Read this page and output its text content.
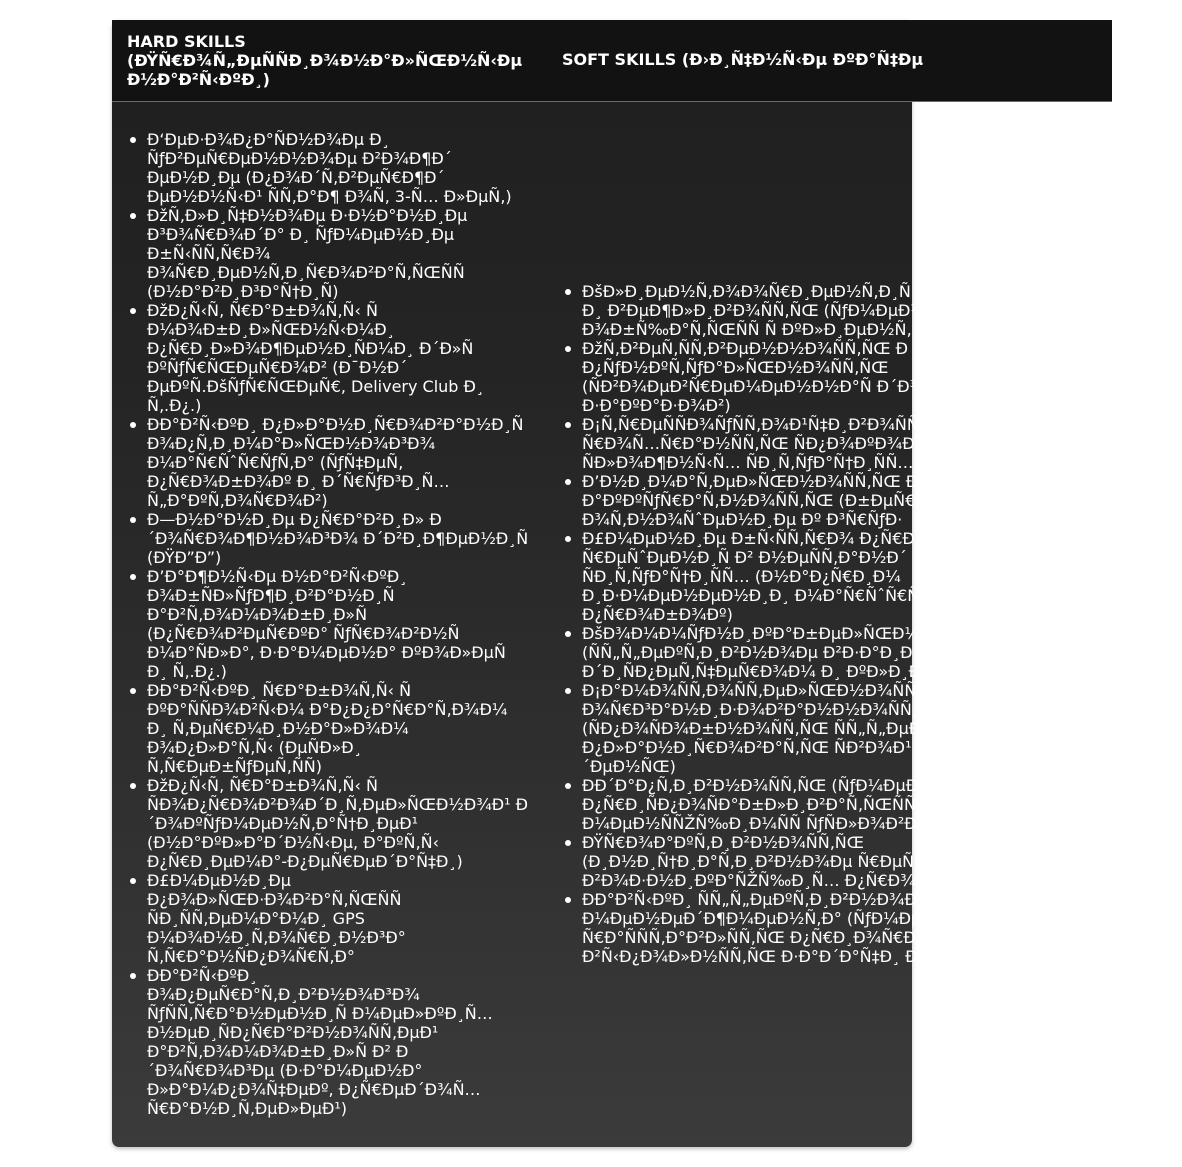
HARD SKILLS
(ÐŸÑ€Ð¾Ñ„ÐµÑÑÐ¸Ð¾Ð½Ð°Ð»ÑŒÐ½Ñ‹Ðµ
Ð½Ð°Ð²Ñ‹ÐºÐ¸)
SOFT SKILLS (Ð›Ð¸Ñ‡Ð½Ñ‹Ðµ ÐºÐ°Ñ‡Ðµ
Ð‘ÐµÐ·Ð¾Ð¿Ð°ÑÐ½Ð¾Ðµ Ð¸
ÑƒÐ²ÐµÑ€ÐµÐ½Ð½Ð¾Ðµ Ð²Ð¾Ð¶Ð´
ÐµÐ½Ð¸Ðµ (Ð¿Ð¾Ð´Ñ‚Ð²ÐµÑ€Ð¶Ð´
ÐµÐ½Ð½Ñ‹Ð¹ ÑÑ‚Ð°Ð¶ Ð¾Ñ‚ 3-Ñ… Ð»ÐµÑ‚)
ÐžÑ‚Ð»Ð¸Ñ‡Ð½Ð¾Ðµ Ð·Ð½Ð°Ð½Ð¸Ðµ
Ð³Ð¾Ñ€Ð¾Ð´Ð° Ð¸ ÑƒÐ¼ÐµÐ½Ð¸Ðµ
Ð±Ñ‹ÑÑ‚Ñ€Ð¾
Ð¾Ñ€Ð¸ÐµÐ½Ñ‚Ð¸Ñ€Ð¾Ð²Ð°Ñ‚ÑŒÑÑ
(Ð½Ð°Ð²Ð¸Ð³Ð°Ñ†Ð¸Ñ)
ÐžÐ¿Ñ‹Ñ‚ Ñ€Ð°Ð±Ð¾Ñ‚Ñ‹ Ñ
Ð¼Ð¾Ð±Ð¸Ð»ÑŒÐ½Ñ‹Ð¼Ð¸
Ð¿Ñ€Ð¸Ð»Ð¾Ð¶ÐµÐ½Ð¸ÑÐ¼Ð¸ Ð´Ð»Ñ
ÐºÑƒÑ€ÑŒÐµÑ€Ð¾Ð² (Ð¯Ð½Ð´
ÐµÐºÑ.ÐšÑƒÑ€ÑŒÐµÑ€, Delivery Club Ð¸
Ñ‚.Ð¿.)
ÐÐ°Ð²Ñ‹ÐºÐ¸ Ð¿Ð»Ð°Ð½Ð¸Ñ€Ð¾Ð²Ð°Ð½Ð¸Ñ
Ð¾Ð¿Ñ‚Ð¸Ð¼Ð°Ð»ÑŒÐ½Ð¾Ð³Ð¾
Ð¼Ð°Ñ€ÑˆÑ€ÑƒÑ‚Ð° (ÑƒÑ‡ÐµÑ‚
Ð¿Ñ€Ð¾Ð±Ð¾Ðº Ð¸ Ð´Ñ€ÑƒÐ³Ð¸Ñ…
Ñ„Ð°ÐºÑ‚Ð¾Ñ€Ð¾Ð²)
Ð—Ð½Ð°Ð½Ð¸Ðµ Ð¿Ñ€Ð°Ð²Ð¸Ð» Ð
´Ð¾Ñ€Ð¾Ð¶Ð½Ð¾Ð³Ð¾ Ð´Ð²Ð¸Ð¶ÐµÐ½Ð¸Ñ
(ÐŸÐ”Ð”)
Ð’Ð°Ð¶Ð½Ñ‹Ðµ Ð½Ð°Ð²Ñ‹ÐºÐ¸
Ð¾Ð±ÑÐ»ÑƒÐ¶Ð¸Ð²Ð°Ð½Ð¸Ñ
Ð°Ð²Ñ‚Ð¾Ð¼Ð¾Ð±Ð¸Ð»Ñ
(Ð¿Ñ€Ð¾Ð²ÐµÑ€ÐºÐ° ÑƒÑ€Ð¾Ð²Ð½Ñ
Ð¼Ð°ÑÐ»Ð°, Ð·Ð°Ð¼ÐµÐ½Ð° ÐºÐ¾Ð»ÐµÑ
Ð¸ Ñ‚.Ð¿.)
ÐÐ°Ð²Ñ‹ÐºÐ¸ Ñ€Ð°Ð±Ð¾Ñ‚Ñ‹ Ñ
ÐºÐ°ÑÑÐ¾Ð²Ñ‹Ð¼ Ð°Ð¿Ð¿Ð°Ñ€Ð°Ñ‚Ð¾Ð¼
Ð¸ Ñ‚ÐµÑ€Ð¼Ð¸Ð½Ð°Ð»Ð¾Ð¼
Ð¾Ð¿Ð»Ð°Ñ‚Ñ‹ (ÐµÑÐ»Ð¸
Ñ‚Ñ€ÐµÐ±ÑƒÐµÑ‚ÑÑ)
ÐžÐ¿Ñ‹Ñ‚ Ñ€Ð°Ð±Ð¾Ñ‚Ñ‹ Ñ
ÑÐ¾Ð¿Ñ€Ð¾Ð²Ð¾Ð´Ð¸Ñ‚ÐµÐ»ÑŒÐ½Ð¾Ð¹ Ð
´Ð¾ÐºÑƒÐ¼ÐµÐ½Ñ‚Ð°Ñ†Ð¸ÐµÐ¹
(Ð½Ð°ÐºÐ»Ð°Ð´Ð½Ñ‹Ðµ, Ð°ÐºÑ‚Ñ‹
Ð¿Ñ€Ð¸ÐµÐ¼Ð°-Ð¿ÐµÑ€ÐµÐ´Ð°Ñ‡Ð¸)
Ð£Ð¼ÐµÐ½Ð¸Ðµ
Ð¿Ð¾Ð»ÑŒÐ·Ð¾Ð²Ð°Ñ‚ÑŒÑÑ
ÑÐ¸ÑÑ‚ÐµÐ¼Ð°Ð¼Ð¸ GPS
Ð¼Ð¾Ð½Ð¸Ñ‚Ð¾Ñ€Ð¸Ð½Ð³Ð°
Ñ‚Ñ€Ð°Ð½ÑÐ¿Ð¾Ñ€Ñ‚Ð°
ÐÐ°Ð²Ñ‹ÐºÐ¸
Ð¾Ð¿ÐµÑ€Ð°Ñ‚Ð¸Ð²Ð½Ð¾Ð³Ð¾
ÑƒÑÑ‚Ñ€Ð°Ð½ÐµÐ½Ð¸Ñ Ð¼ÐµÐ»ÐºÐ¸Ñ…
Ð½ÐµÐ¸ÑÐ¿Ñ€Ð°Ð²Ð½Ð¾ÑÑ‚ÐµÐ¹
Ð°Ð²Ñ‚Ð¾Ð¼Ð¾Ð±Ð¸Ð»Ñ Ð² Ð
´Ð¾Ñ€Ð¾Ð³Ðµ (Ð·Ð°Ð¼ÐµÐ½Ð°
Ð»Ð°Ð¼Ð¿Ð¾Ñ‡ÐµÐº, Ð¿Ñ€ÐµÐ´Ð¾Ñ…
Ñ€Ð°Ð½Ð¸Ñ‚ÐµÐ»ÐµÐ¹)
ÐšÐ»Ð¸ÐµÐ½Ñ‚Ð¾Ð¾Ñ€Ð¸ÐµÐ½Ñ‚Ð¸Ñ
Ð¸ Ð²ÐµÐ¶Ð»Ð¸Ð²Ð¾ÑÑ‚ÑŒ (ÑƒÐ¼ÐµÐ½Ð¸
Ð¾Ð±Ñ‰Ð°Ñ‚ÑŒÑÑ Ñ ÐºÐ»Ð¸ÐµÐ½Ñ‚
ÐžÑ‚Ð²ÐµÑ‚ÑÑ‚Ð²ÐµÐ½Ð½Ð¾ÑÑ‚ÑŒ Ð
Ð¿ÑƒÐ½ÐºÑ‚ÑƒÐ°Ð»ÑŒÐ½Ð¾ÑÑ‚ÑŒ
(ÑÐ²Ð¾ÐµÐ²Ñ€ÐµÐ¼ÐµÐ½Ð½Ð°Ñ Ð´Ð¾
Ð·Ð°ÐºÐ°Ð·Ð¾Ð²)
Ð¡Ñ‚Ñ€ÐµÑÑÐ¾ÑƒÑÑ‚Ð¾Ð¹Ñ‡Ð¸Ð²Ð¾ÑÑ
Ñ€Ð¾Ñ…Ñ€Ð°Ð½ÑÑ‚ÑŒ ÑÐ¿Ð¾ÐºÐ¾Ð¹
ÑÐ»Ð¾Ð¶Ð½Ñ‹Ñ… ÑÐ¸Ñ‚ÑƒÐ°Ñ†Ð¸ÑÑ…
Ð’Ð½Ð¸Ð¼Ð°Ñ‚ÐµÐ»ÑŒÐ½Ð¾ÑÑ‚ÑŒ Ðº
Ð°ÐºÐºÑƒÑ€Ð°Ñ‚Ð½Ð¾ÑÑ‚ÑŒ (Ð±ÐµÑ€ÐµÐ¶
Ð¾Ñ‚Ð½Ð¾ÑˆÐµÐ½Ð¸Ðµ Ðº Ð³Ñ€ÑƒÐ·
Ð£Ð¼ÐµÐ½Ð¸Ðµ Ð±Ñ‹ÑÑ‚Ñ€Ð¾ Ð¿Ñ€Ð¸
Ñ€ÐµÑˆÐµÐ½Ð¸Ñ Ð² Ð½ÐµÑÑ‚Ð°Ð½Ð´
ÑÐ¸Ñ‚ÑƒÐ°Ñ†Ð¸ÑÑ… (Ð½Ð°Ð¿Ñ€Ð¸Ð¼
Ð¸Ð·Ð¼ÐµÐ½ÐµÐ½Ð¸Ð¸ Ð¼Ð°Ñ€ÑˆÑ€ÑƒÑ‚Ð°
Ð¿Ñ€Ð¾Ð±Ð¾Ðº)
ÐšÐ¾Ð¼Ð¼ÑƒÐ½Ð¸ÐºÐ°Ð±ÐµÐ»ÑŒÐ½Ð¾ÑÑ‚
(ÑÑ„Ñ„ÐµÐºÑ‚Ð¸Ð²Ð½Ð¾Ðµ Ð²Ð·Ð°Ð¸Ð¼
Ð´Ð¸ÑÐ¿ÐµÑ‚Ñ‡ÐµÑ€Ð¾Ð¼ Ð¸ ÐºÐ»Ð¸ÐµÐ½
Ð¡Ð°Ð¼Ð¾ÑÑ‚Ð¾ÑÑ‚ÐµÐ»ÑŒÐ½Ð¾ÑÑ‚ÑŒ
Ð¾Ñ€Ð³Ð°Ð½Ð¸Ð·Ð¾Ð²Ð°Ð½Ð½Ð¾ÑÑ‚ÑŒ
(ÑÐ¿Ð¾ÑÐ¾Ð±Ð½Ð¾ÑÑ‚ÑŒ ÑÑ„Ñ„ÐµÐºÑ‚
Ð¿Ð»Ð°Ð½Ð¸Ñ€Ð¾Ð²Ð°Ñ‚ÑŒ ÑÐ²Ð¾Ð¹
´ÐµÐ½ÑŒ)
ÐÐ´Ð°Ð¿Ñ‚Ð¸Ð²Ð½Ð¾ÑÑ‚ÑŒ (ÑƒÐ¼ÐµÐ½Ð¸
Ð¿Ñ€Ð¸ÑÐ¿Ð¾ÑÐ°Ð±Ð»Ð¸Ð²Ð°Ñ‚ÑŒÑÑ
Ð¼ÐµÐ½ÑÑŽÑ‰Ð¸Ð¼ÑÑ ÑƒÑÐ»Ð¾Ð²Ð¸
ÐŸÑ€Ð¾Ð°ÐºÑ‚Ð¸Ð²Ð½Ð¾ÑÑ‚ÑŒ
(Ð¸Ð½Ð¸Ñ†Ð¸Ð°Ñ‚Ð¸Ð²Ð½Ð¾Ðµ Ñ€ÐµÑˆÐµÐ½
Ð²Ð¾Ð·Ð½Ð¸ÐºÐ°ÑŽÑ‰Ð¸Ñ… Ð¿Ñ€Ð¾Ð±
ÐÐ°Ð²Ñ‹ÐºÐ¸ ÑÑ„Ñ„ÐµÐºÑ‚Ð¸Ð²Ð½Ð¾Ð³
Ð¼ÐµÐ½ÐµÐ´Ð¶Ð¼ÐµÐ½Ñ‚Ð° (ÑƒÐ¼ÐµÐ½Ð¸
Ñ€Ð°ÑÑÑ‚Ð°Ð²Ð»ÑÑ‚ÑŒ Ð¿Ñ€Ð¸Ð¾Ñ€Ð¸Ñ‚
Ð²Ñ‹Ð¿Ð¾Ð»Ð½ÑÑ‚ÑŒ Ð·Ð°Ð´Ð°Ñ‡Ð¸ Ð²
